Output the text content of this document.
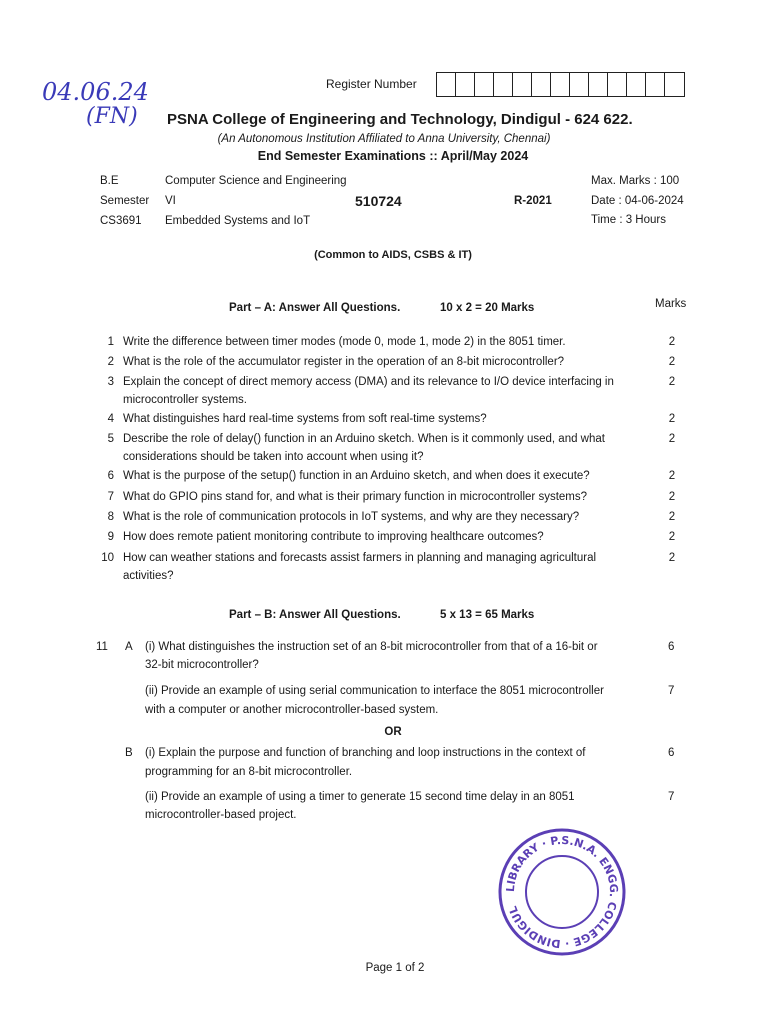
04.06.24
(FN)
Register Number
PSNA College of Engineering and Technology, Dindigul - 624 622.
(An Autonomous Institution Affiliated to Anna University, Chennai)
End Semester Examinations :: April/May 2024
B.E	Computer Science and Engineering	Max. Marks : 100
Semester VI	510724	R-2021	Date : 04-06-2024
CS3691 Embedded Systems and IoT	Time : 3 Hours
(Common to AIDS, CSBS & IT)
Part – A: Answer All Questions.	10 x 2 = 20 Marks	Marks
1 Write the difference between timer modes (mode 0, mode 1, mode 2) in the 8051 timer.	2
2 What is the role of the accumulator register in the operation of an 8-bit microcontroller?	2
3 Explain the concept of direct memory access (DMA) and its relevance to I/O device interfacing in
microcontroller systems.
2
4 What distinguishes hard real-time systems from soft real-time systems?	2
5 Describe the role of delay() function in an Arduino sketch. When is it commonly used, and what
considerations should be taken into account when using it?
2
6 What is the purpose of the setup() function in an Arduino sketch, and when does it execute?	2
7 What do GPIO pins stand for, and what is their primary function in microcontroller systems?	2
8 What is the role of communication protocols in IoT systems, and why are they necessary?	2
9 How does remote patient monitoring contribute to improving healthcare outcomes?	2
10 How can weather stations and forecasts assist farmers in planning and managing agricultural
activities?
2
Part – B: Answer All Questions.	5 x 13 = 65 Marks
11 A (i) What distinguishes the instruction set of an 8-bit microcontroller from that of a 16-bit or
32-bit microcontroller?
6
(ii) Provide an example of using serial communication to interface the 8051 microcontroller
with a computer or another microcontroller-based system.
7
OR
B (i) Explain the purpose and function of branching and loop instructions in the context of
programming for an 8-bit microcontroller.
6
(ii) Provide an example of using a timer to generate 15 second time delay in an 8051
microcontroller-based project.
7
LIBRARY · P.S.N.A. ENGG. COLLEGE · DINDIGUL
Page 1 of 2
